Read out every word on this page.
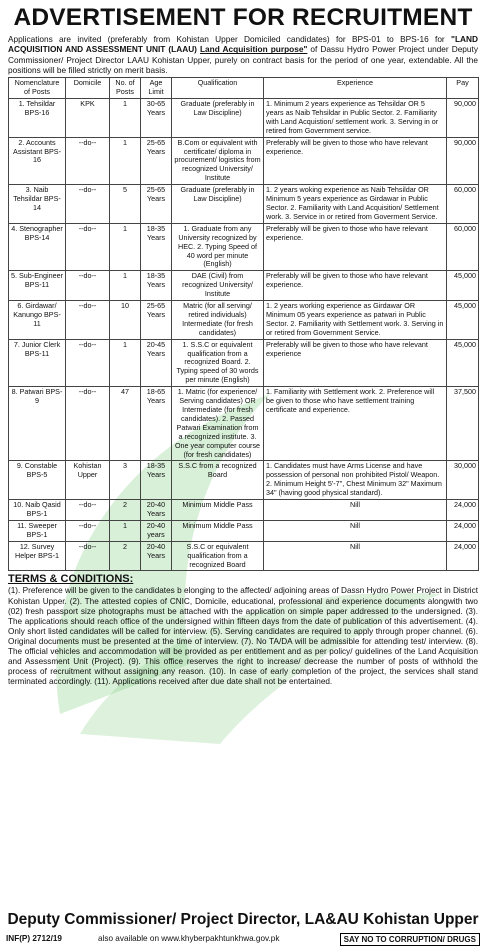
ADVERTISEMENT FOR RECRUITMENT

Applications are invited (preferably from Kohistan Upper Domiciled candidates) for BPS-01 to BPS-16 for "LAND ACQUISITION AND ASSESSMENT UNIT (LAAU) Land Acquisition purpose" of Dassu Hydro Power Project under Deputy Commissioner/ Project Director LAAU Kohistan Upper, purely on contract basis for the period of one year, extendable. All the positions will be filled strictly on merit basis.

Nomenclature of Posts	Domicile	No. of Posts	Age Limit	Qualification	Experience	Pay
1. Tehsildar BPS-16	KPK	1	30-65 Years	Graduate (preferably in Law Discipline)	1. Minimum 2 years experience as Tehsildar OR 5 years as Naib Tehsildar in Public Sector. 2. Familiarity with Land Acquistion/ settlement work. 3. Serving in or retired from Government service.	90,000
2. Accounts Assistant BPS-16	--do--	1	25-65 Years	B.Com or equivalent with certificate/ diploma in procurement/ logistics from recognized University/ Institute	Preferably will be given to those who have relevant experience.	90,000
3. Naib Tehsildar BPS-14	--do--	5	25-65 Years	Graduate (preferably in Law Discipline)	1. 2 years woking experience as Naib Tehsildar OR Minimum 5 years experience as Girdawar in Public Sector. 2. Familiarity with Land Acquisition/ Settlement work. 3. Service in or retired from Goverment Service.	60,000
4. Stenographer BPS-14	--do--	1	18-35 Years	1. Graduate from any University recognized by HEC. 2. Typing Speed of 40 word per minute (English)	Preferably will be given to those who have relevant experience.	60,000
5. Sub-Engineer BPS-11	--do--	1	18-35 Years	DAE (Civil) from recognized University/ Institute	Preferably will be given to those who have relevant experience.	45,000
6. Girdawar/ Kanungo BPS-11	--do--	10	25-65 Years	Matric (for all serving/ retired individuals) Intermediate (for fresh candidates)	1. 2 years working experience as Girdawar OR Minimum 05 years experience as patwari in Public Sector. 2. Familiarity with Settlement work. 3. Serving in or retired from Government Service.	45,000
7. Junior Clerk BPS-11	--do--	1	20-45 Years	1. S.S.C or equivalent qualification from a recognized Board. 2. Typing speed of 30 words per minute (English)	Preferably will be given to those who have relevant experience	45,000
8. Patwari BPS-9	--do--	47	18-65 Years	1. Matric (for experience/ Serving candidates) OR Intermediate (for fresh candidates). 2. Passed Patwari Examination from a recognized institute. 3. One year computer course (for fresh candidates)	1. Familiarity with Settlement work. 2. Preference will be given to those who have settlement training certificate and experience.	37,500
9. Constable BPS-5	Kohistan Upper	3	18-35 Years	S.S.C from a recognized Board	1. Candidates must have Arms License and have possession of personal non prohibited Pistol/ Weapon. 2. Minimum Height 5'-7", Chest Minimum 32" Maximum 34" (having good physical standard).	30,000
10. Naib Qasid BPS-1	--do--	2	20-40 Years	Minimum Middle Pass	Nill	24,000
11. Sweeper BPS-1	--do--	1	20-40 years	Minimum Middle Pass	Nill	24,000
12. Survey Helper BPS-1	--do--	2	20-40 Years	S.S.C or equivalent qualification from a recognized Board	Nill	24,000
TERMS & CONDITIONS:

(1). Preference will be given to the candidates b elonging to the affected/ adjoining areas of Dassn Hydro Power Project in District Kohistan Upper. (2). The attested copies of CNIC, Domicile, educational, professional and experience documents alongwith two (02) fresh passport size photographs must be attached with the application on simple paper addressed to the undersigned. (3). The applications should reach office of the undersigned within fifteen days from the date of publication of this advertisement. (4). Only short listed candidates will be called for interview. (5). Serving candidates are required to apply through proper channel. (6). Original documents must be presented at the time of interview. (7). No TA/DA will be admissible for attending test/ interview. (8). The official vehicles and accommodation will be provided as per entitlement and as per policy/ guidelines of the Land Acquisition and Assessment Unit (Project). (9). This office reserves the right to increase/ decrease the number of posts of withhold the process of recruitment without assigning any reason. (10). In case of early completion of the project, the services shall stand terminated accordingly. (11). Applications received after due date shall not be entertained.

Deputy Commissioner/ Project Director, LA&AU Kohistan Upper
INF(P) 2712/19	also available on www.khyberpakhtunkhwa.gov.pk	SAY NO TO CORRUPTION/ DRUGS
